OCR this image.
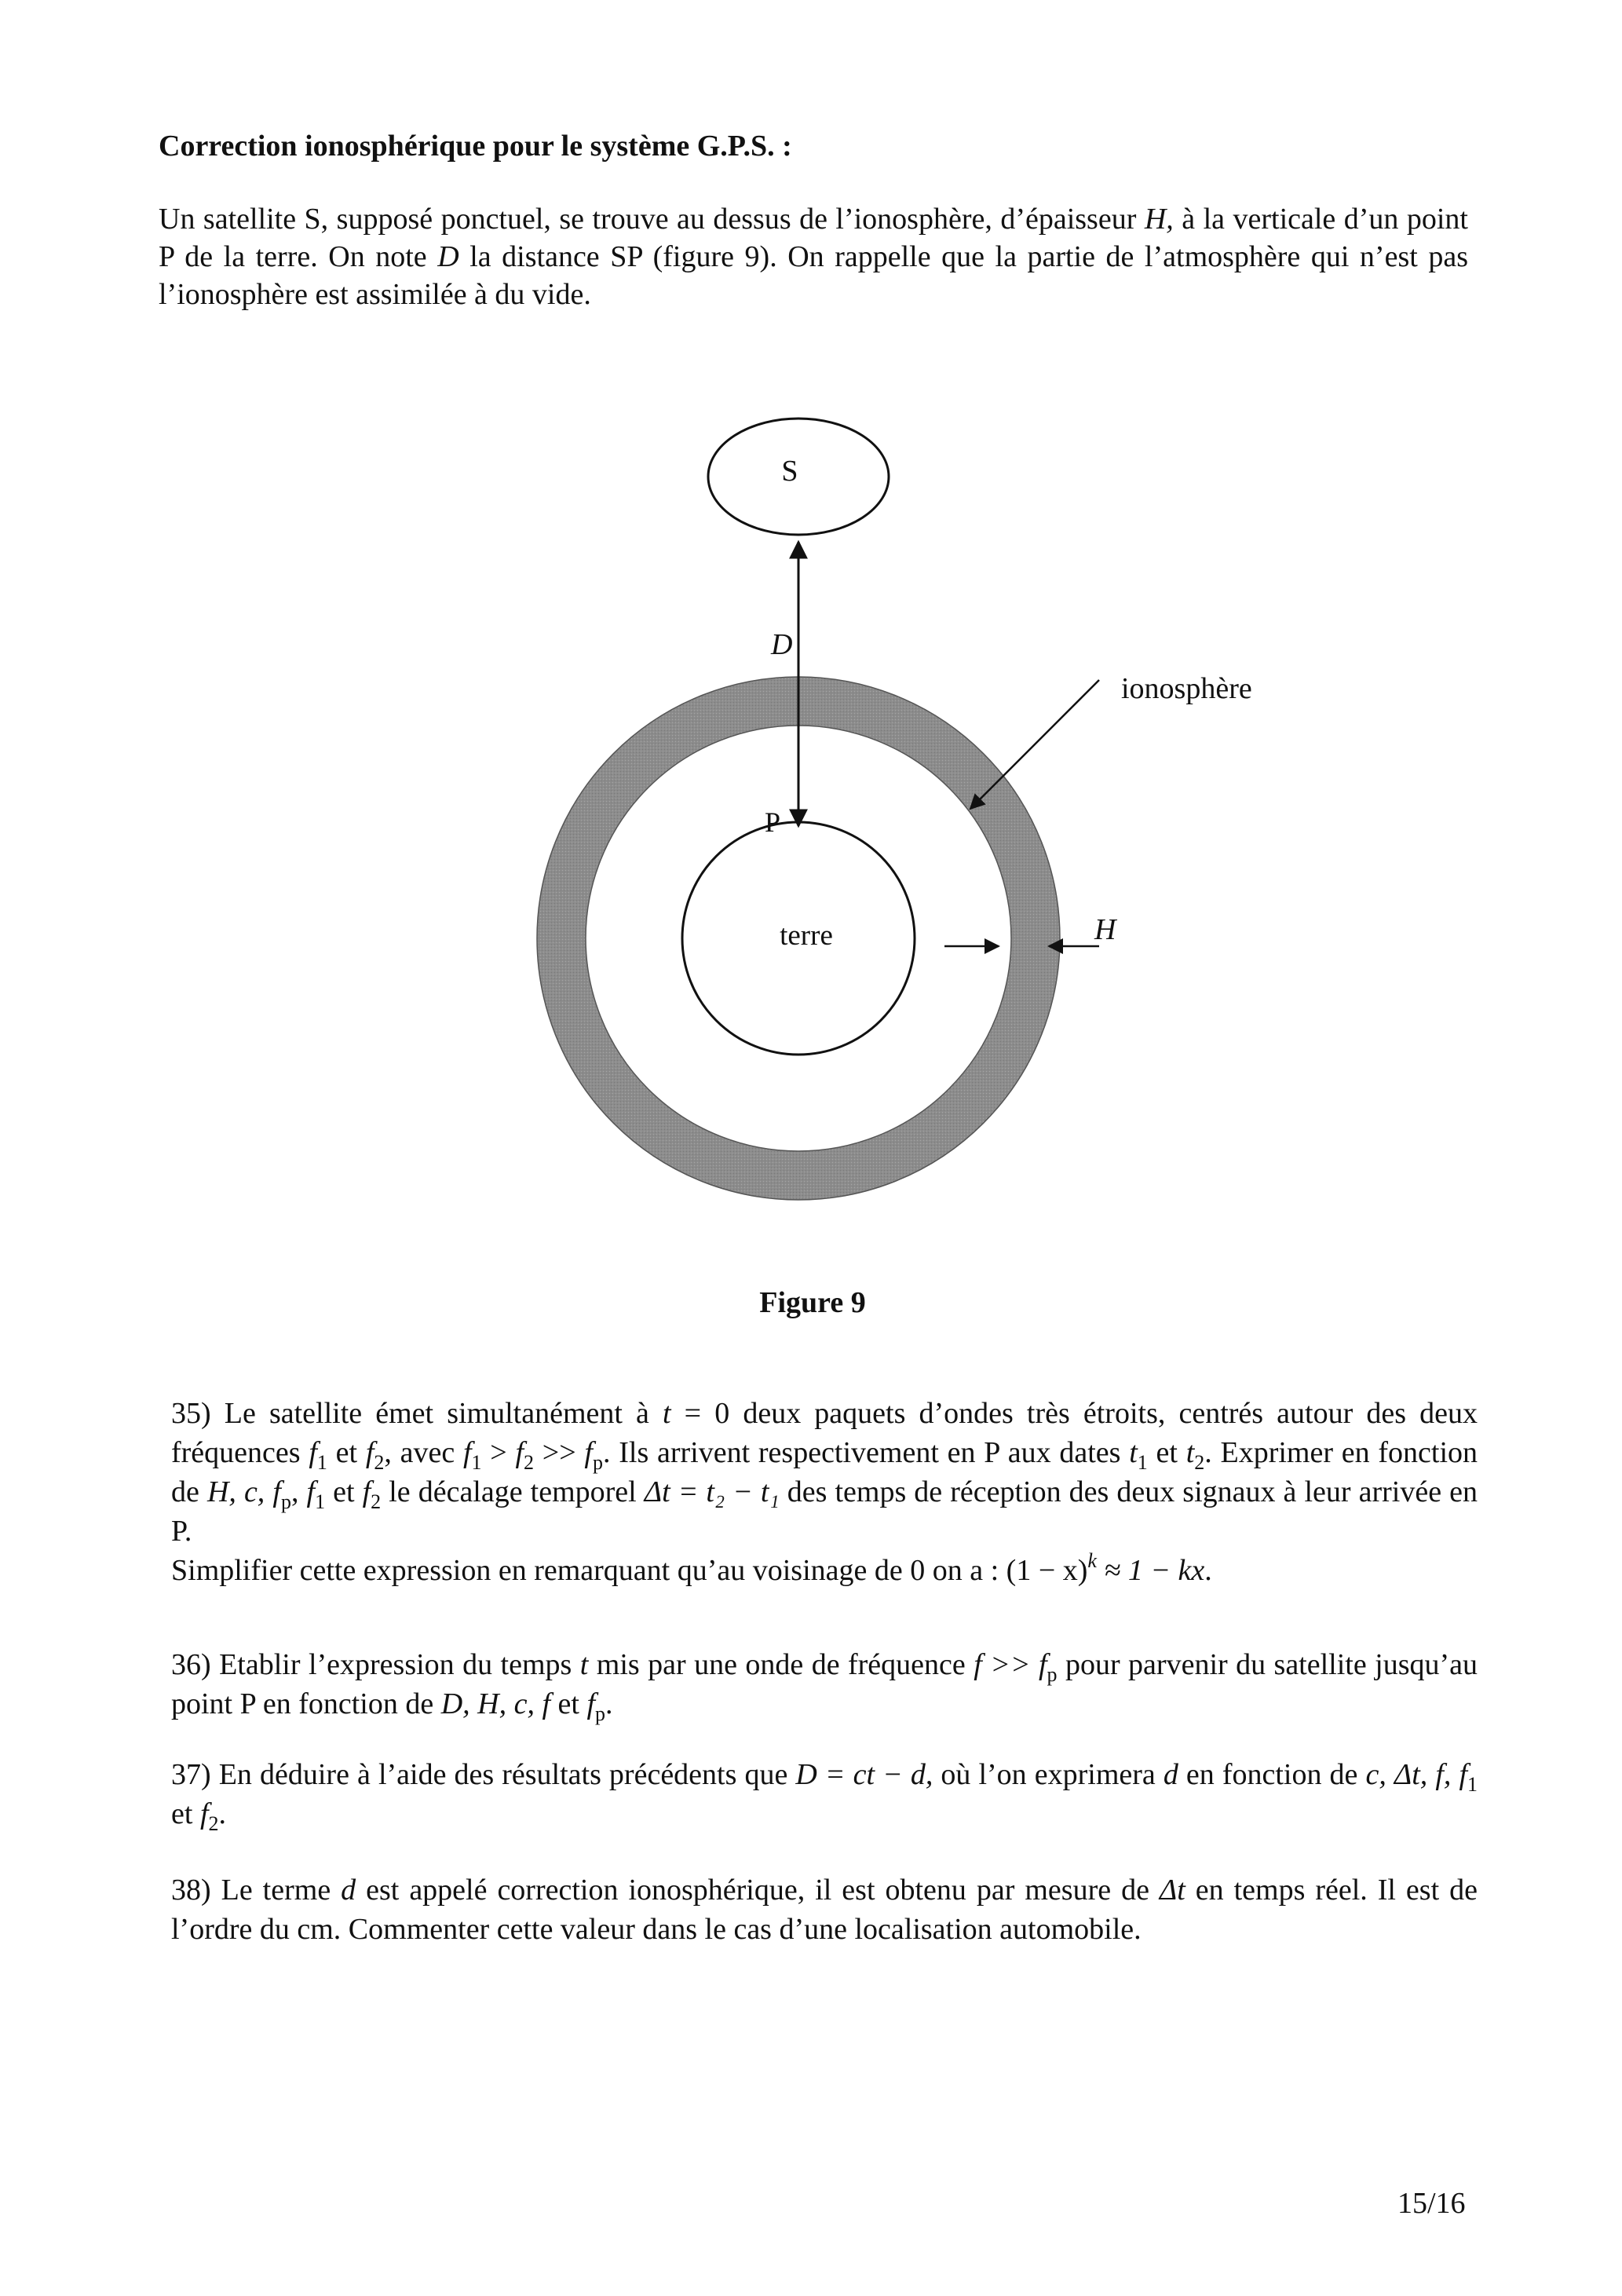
Correction ionosphérique pour le système G.P.S. :
Un satellite S, supposé ponctuel, se trouve au dessus de l’ionosphère, d’épaisseur H, à la verticale d’un point P de la terre. On note D la distance SP (figure 9). On rappelle que la partie de l’atmosphère qui n’est pas l’ionosphère est assimilée à du vide.
terre
S
D
P
ionosphère
H
Figure 9
35) Le satellite émet simultanément à t = 0 deux paquets d’ondes très étroits, centrés autour des deux fréquences $f_1$ et $f_2$, avec $f_1 > f_2 >> f_p$. Ils arrivent respectivement en P aux dates $t_1$ et $t_2$. Exprimer en fonction de H, c, $f_p$, $f_1$ et $f_2$ le décalage temporel Δt = t₂ − t₁ des temps de réception des deux signaux à leur arrivée en P.
Simplifier cette expression en remarquant qu’au voisinage de 0 on a : $(1 - x)^k \approx 1$ − kx.
36) Etablir l’expression du temps t mis par une onde de fréquence $f >> f_p$ pour parvenir du satellite jusqu’au point P en fonction de D, H, c, f et $f_p$.
37) En déduire à l’aide des résultats précédents que D = ct − d, où l’on exprimera d en fonction de c, Δt, f, $f_1$ et $f_2$.
38) Le terme d est appelé correction ionosphérique, il est obtenu par mesure de Δt en temps réel. Il est de l’ordre du cm. Commenter cette valeur dans le cas d’une localisation automobile.
15/16
